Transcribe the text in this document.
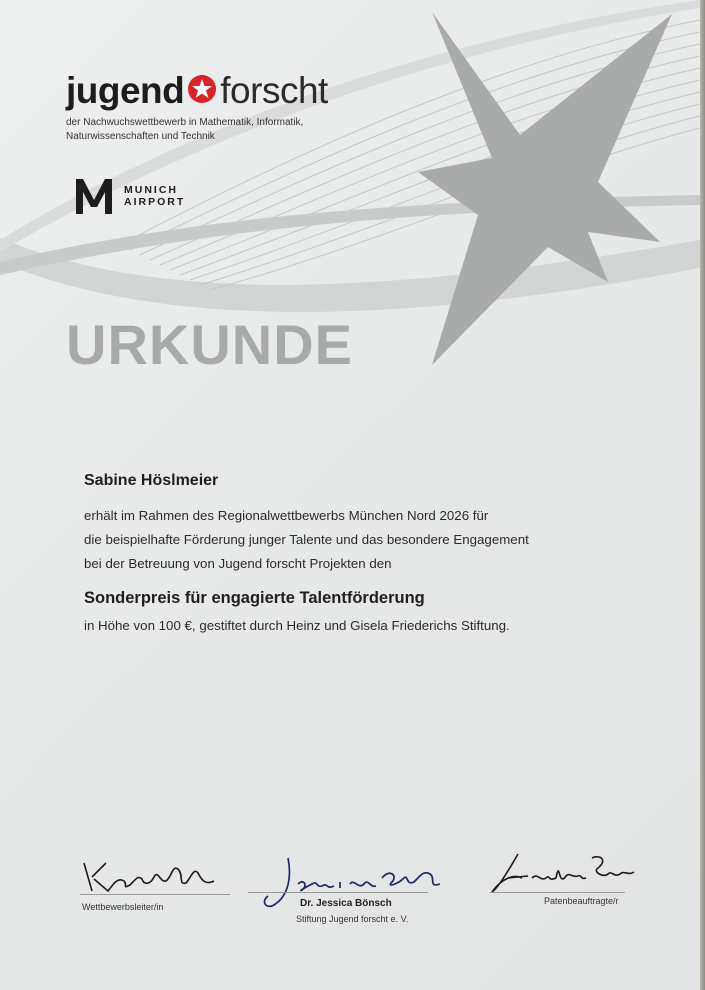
jugend forscht
der Nachwuchswettbewerb in Mathematik, Informatik,
Naturwissenschaften und Technik
MUNICH
AIRPORT
URKUNDE
Sabine Höslmeier
erhält im Rahmen des Regionalwettbewerbs München Nord 2026 für
die beispielhafte Förderung junger Talente und das besondere Engagement
bei der Betreuung von Jugend forscht Projekten den
Sonderpreis für engagierte Talentförderung
in Höhe von 100 €, gestiftet durch Heinz und Gisela Friederichs Stiftung.
Wettbewerbsleiter/in	Dr. Jessica Bönsch
Stiftung Jugend forscht e. V.
Patenbeauftragte/r
